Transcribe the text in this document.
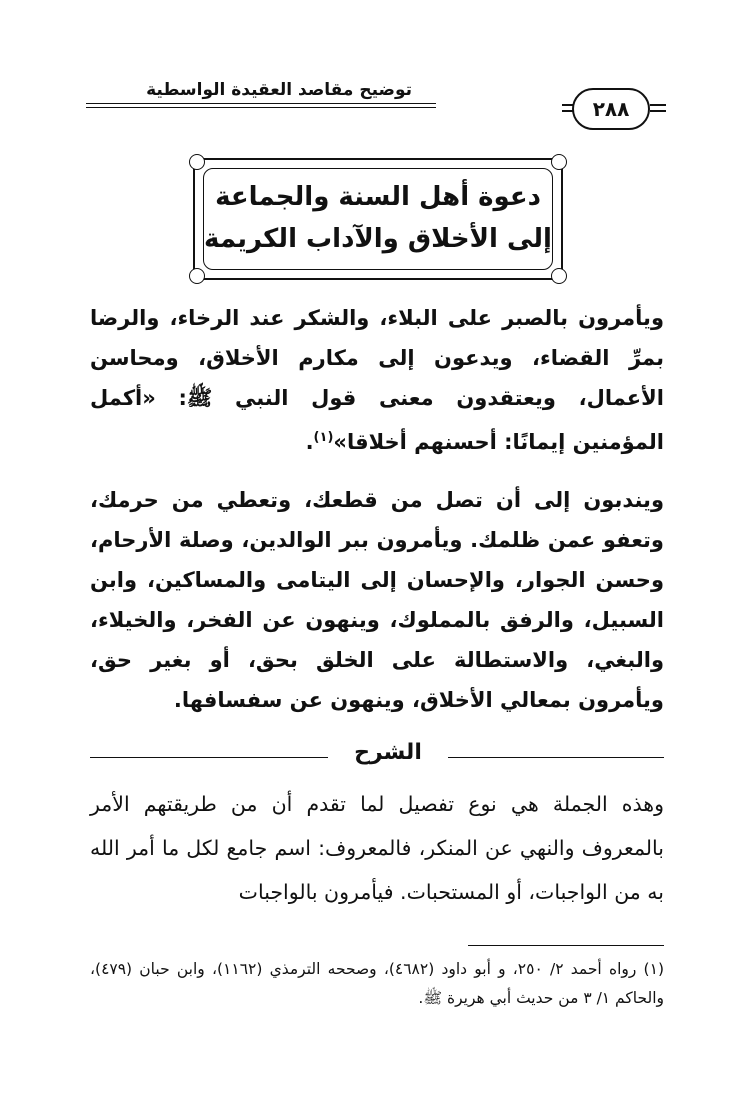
توضيح مقاصد العقيدة الواسطية
٢٨٨
دعوة أهل السنة والجماعة
إلى الأخلاق والآداب الكريمة
ويأمرون بالصبر على البلاء، والشكر عند الرخاء، والرضا بمرِّ القضاء، ويدعون إلى مكارم الأخلاق، ومحاسن الأعمال، ويعتقدون معنى قول النبي ﷺ: «أكمل المؤمنين إيمانًا: أحسنهم أخلاقا»$^{(١)}$.
ويندبون إلى أن تصل من قطعك، وتعطي من حرمك، وتعفو عمن ظلمك. ويأمرون ببر الوالدين، وصلة الأرحام، وحسن الجوار، والإحسان إلى اليتامى والمساكين، وابن السبيل، والرفق بالمملوك، وينهون عن الفخر، والخيلاء، والبغي، والاستطالة على الخلق بحق، أو بغير حق، ويأمرون بمعالي الأخلاق، وينهون عن سفسافها.
الشرح
وهذه الجملة هي نوع تفصيل لما تقدم أن من طريقتهم الأمر بالمعروف والنهي عن المنكر، فالمعروف: اسم جامع لكل ما أمر الله به من الواجبات، أو المستحبات. فيأمرون بالواجبات
(١) رواه أحمد ٢/ ٢٥٠، و أبو داود (٤٦٨٢)، وصححه الترمذي (١١٦٢)، وابن حبان (٤٧٩)، والحاكم ١/ ٣ من حديث أبي هريرة ﷺ.
